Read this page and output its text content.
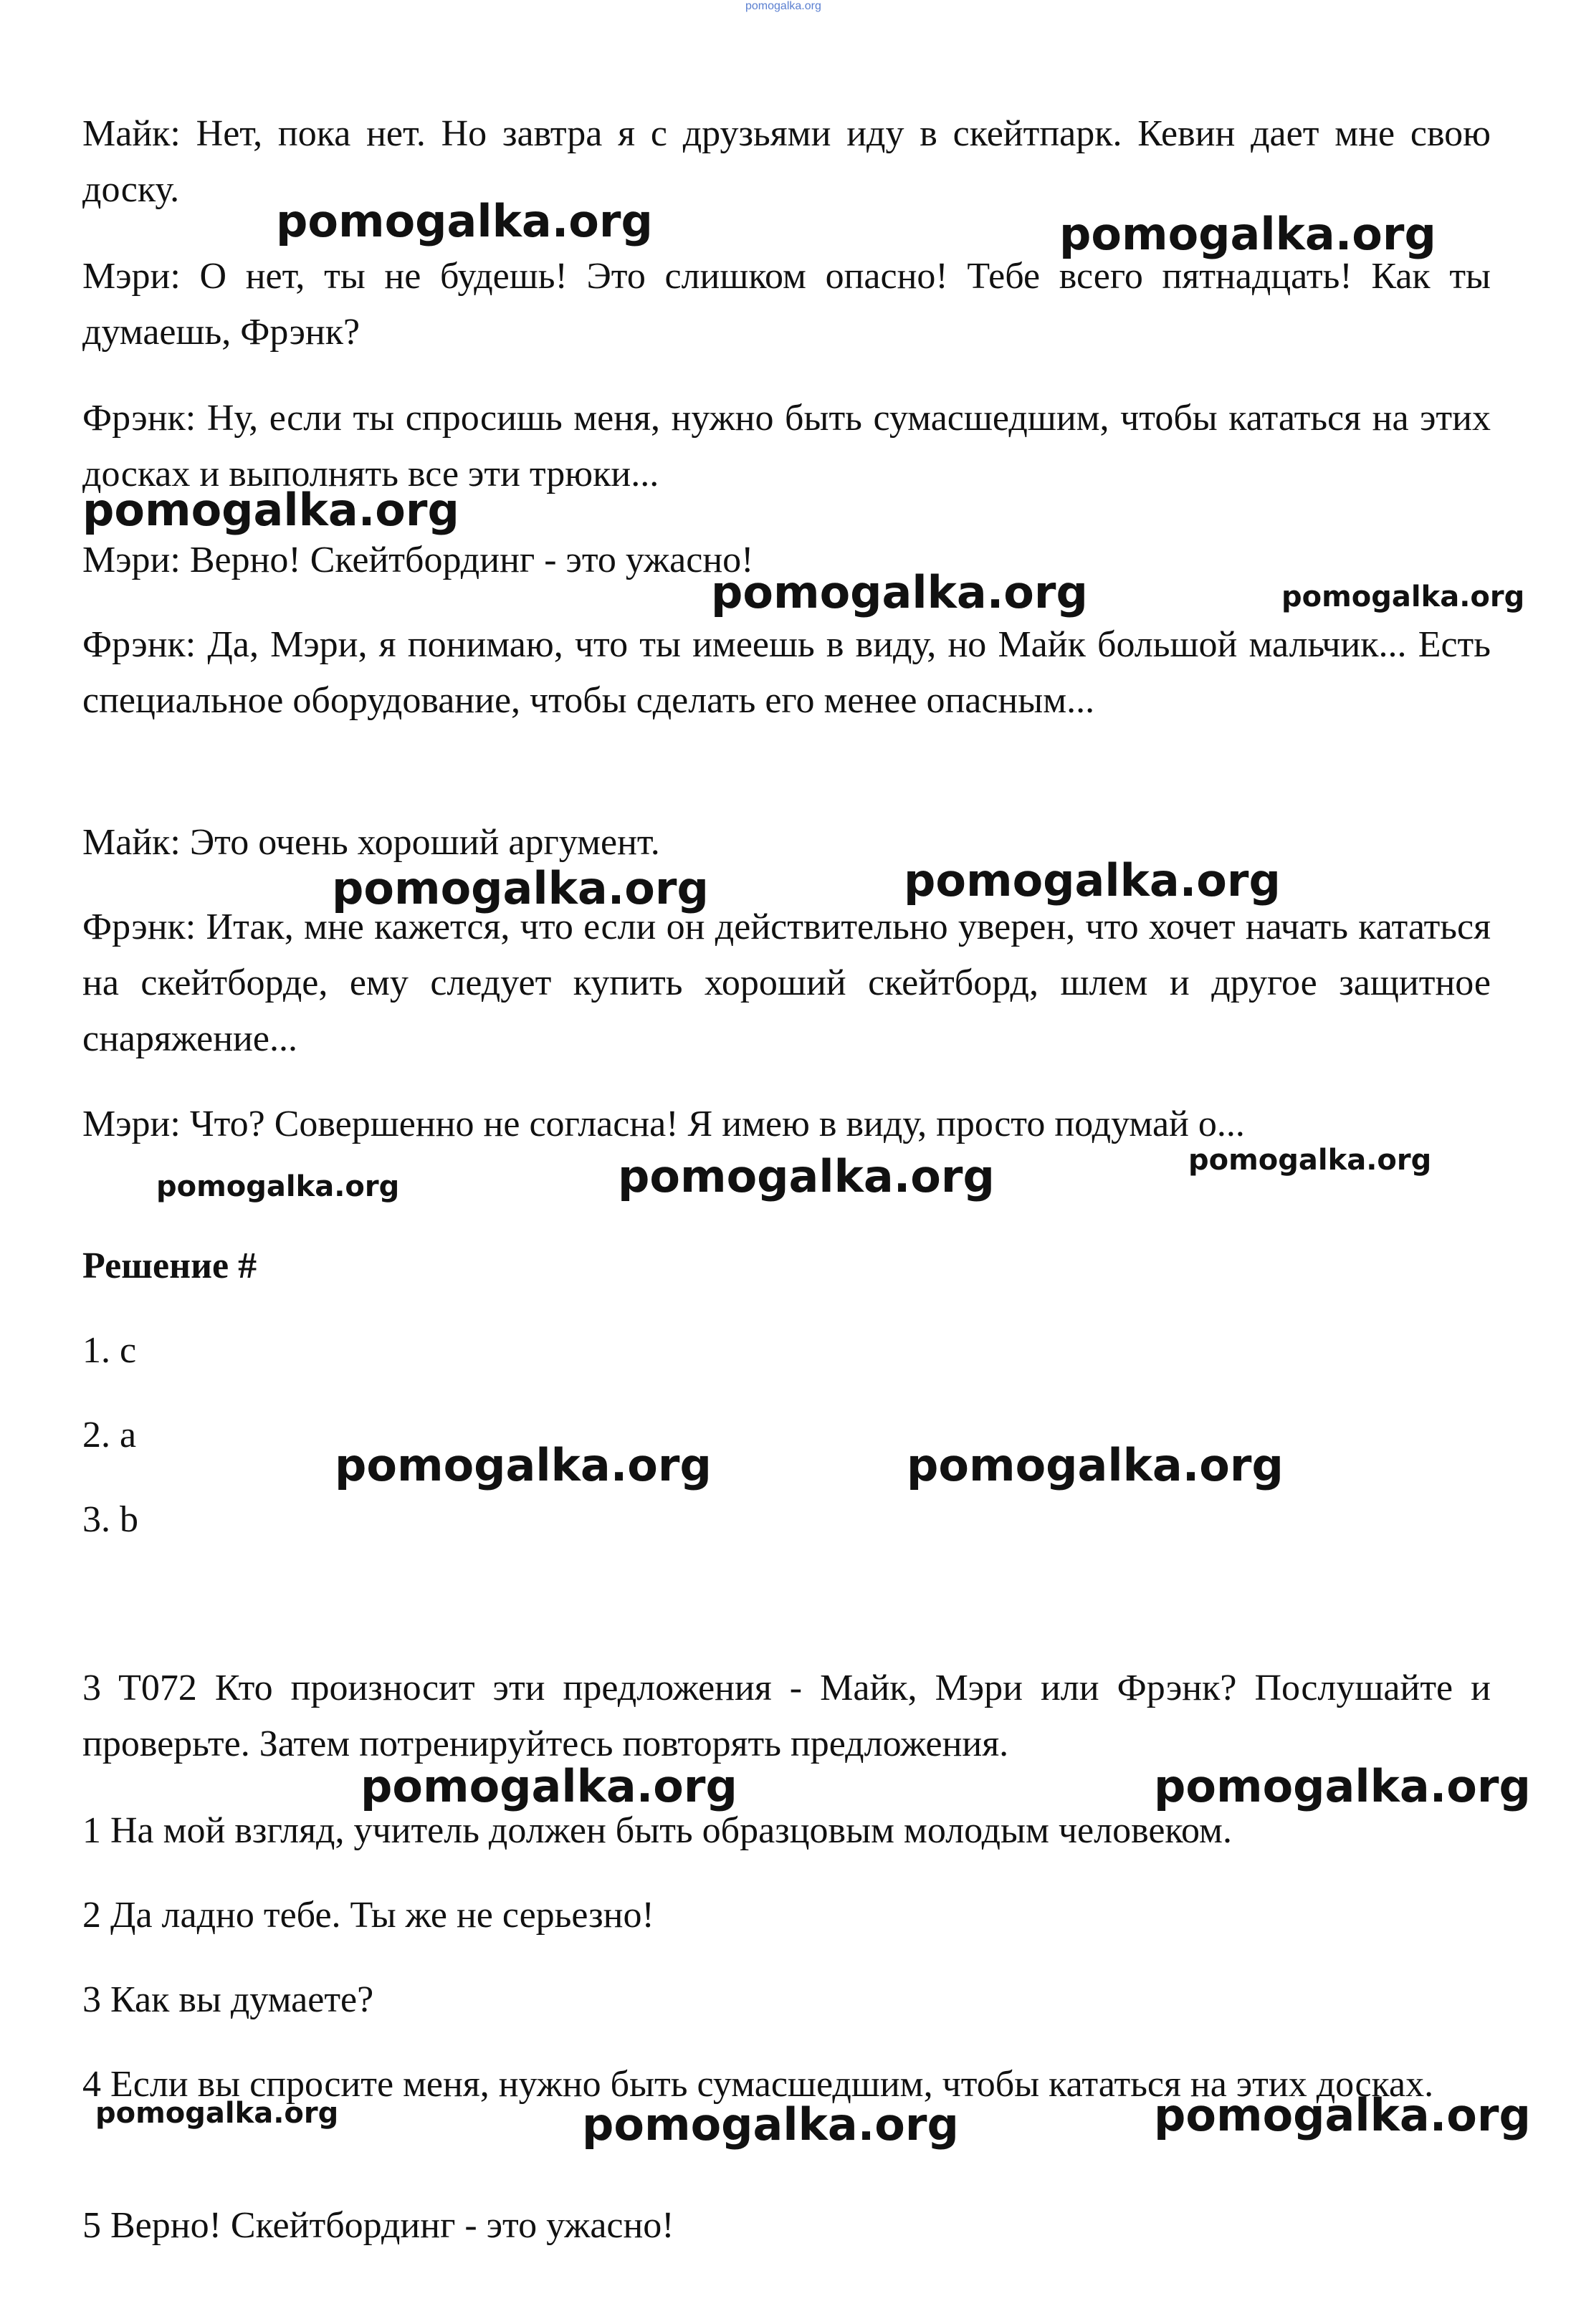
pomogalka.org

Майк: Нет, пока нет. Но завтра я с друзьями иду в скейтпарк. Кевин дает мне свою доску.

Мэри: О нет, ты не будешь! Это слишком опасно! Тебе всего пятнадцать! Как ты думаешь, Фрэнк?

Фрэнк: Ну, если ты спросишь меня, нужно быть сумасшедшим, чтобы кататься на этих досках и выполнять все эти трюки...

Мэри: Верно! Скейтбординг - это ужасно!

Фрэнк: Да, Мэри, я понимаю, что ты имеешь в виду, но Майк большой мальчик... Есть специальное оборудование, чтобы сделать его менее опасным...

Майк: Это очень хороший аргумент.

Фрэнк: Итак, мне кажется, что если он действительно уверен, что хочет начать кататься на скейтборде, ему следует купить хороший скейтборд, шлем и другое защитное снаряжение...

Мэри: Что? Совершенно не согласна! Я имею в виду, просто подумай о...

Решение #

1. c

2. a

3. b

3 T072 Кто произносит эти предложения - Майк, Мэри или Фрэнк? Послушайте и проверьте. Затем потренируйтесь повторять предложения.

1 На мой взгляд, учитель должен быть образцовым молодым человеком.

2 Да ладно тебе. Ты же не серьезно!

3 Как вы думаете?

4 Если вы спросите меня, нужно быть сумасшедшим, чтобы кататься на этих досках.

5 Верно! Скейтбординг - это ужасно!

pomogalka.org	pomogalka.org
pomogalka.org
pomogalka.org	pomogalka.org
pomogalka.org	pomogalka.org
pomogalka.org
pomogalka.org	pomogalka.org
pomogalka.org	pomogalka.org
pomogalka.org	pomogalka.org
pomogalka.org	pomogalka.org	pomogalka.org
